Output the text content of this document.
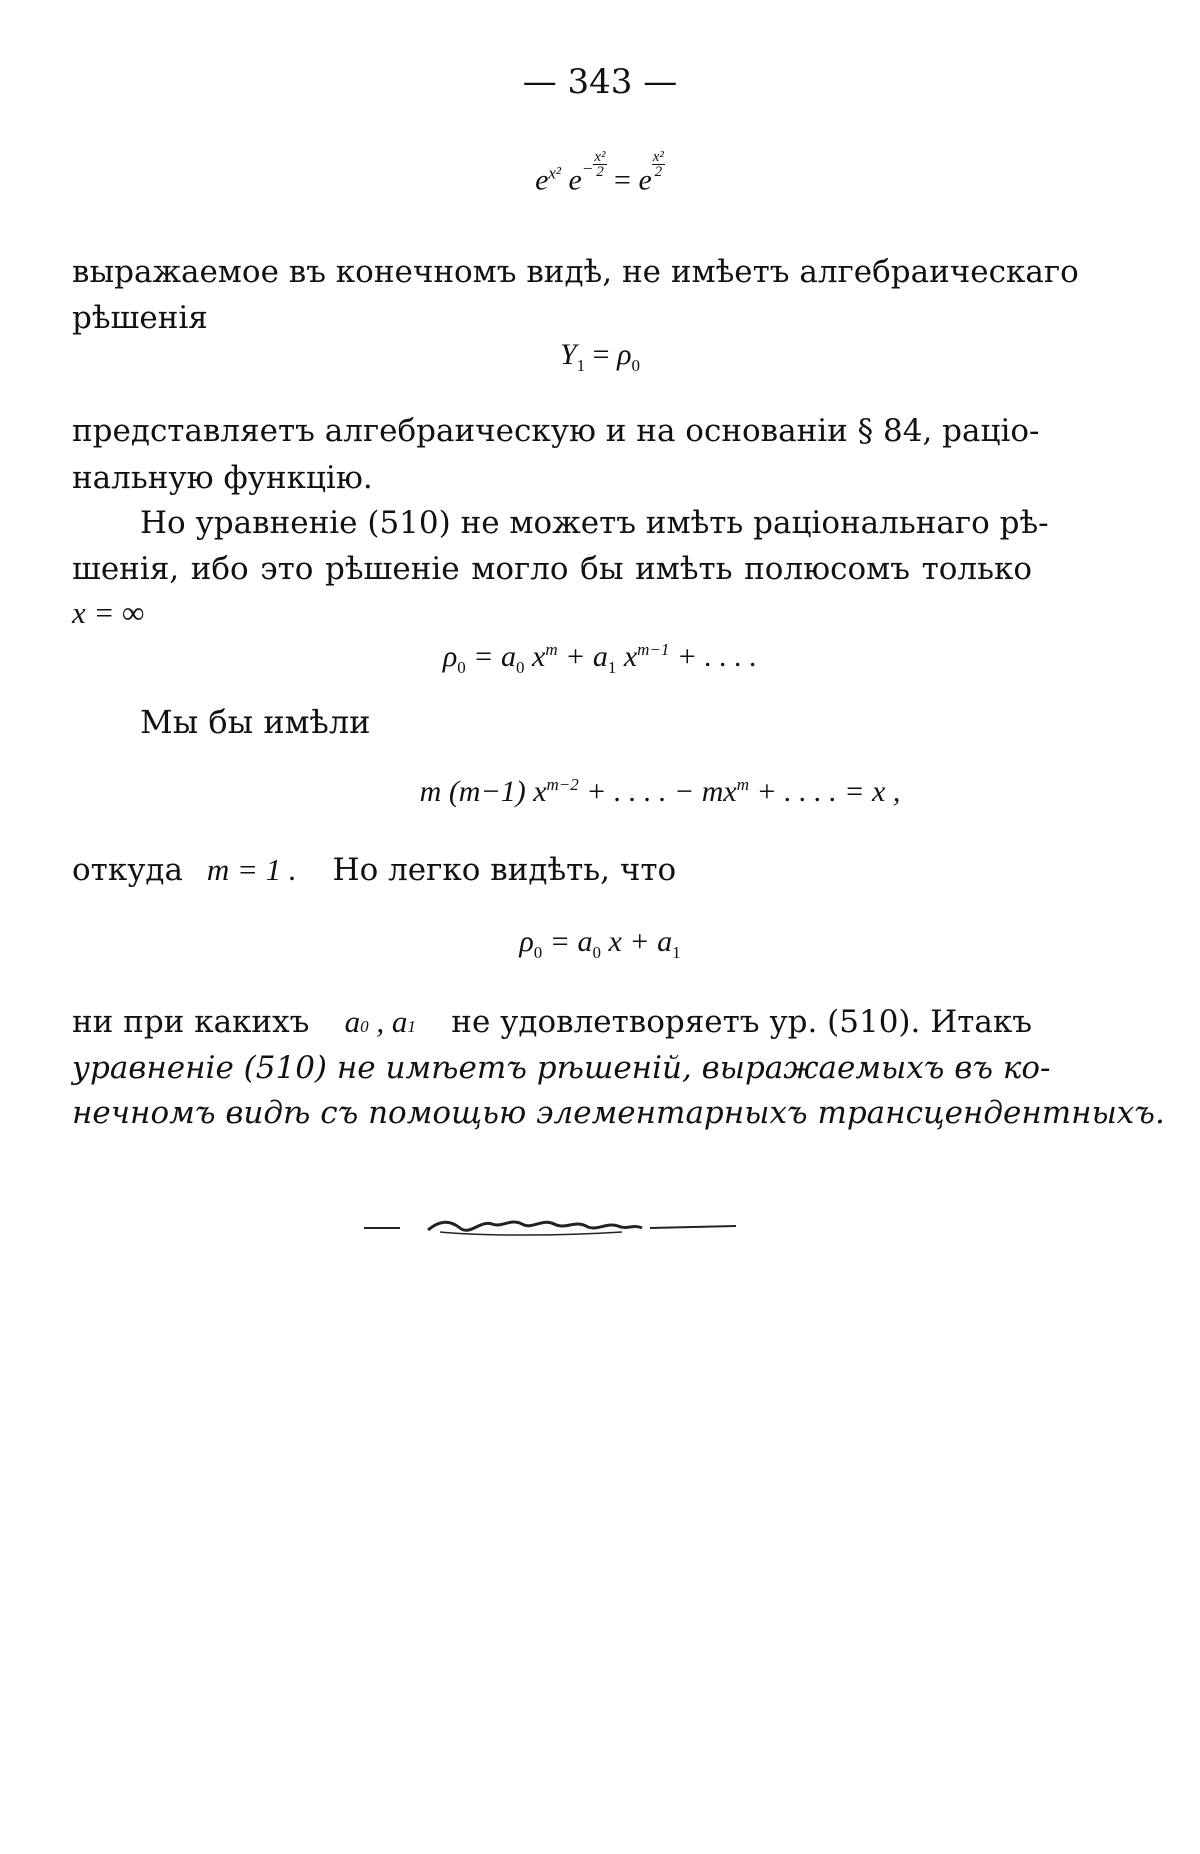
— 343 —
$e^{x^2}$ $e^- \frac{\text{x²}}{2} = e \frac{\text{x²}}{2}$
выражаемое въ конечномъ видѣ, не имѣетъ алгебраическаго
рѣшенія
$Y_1 = \rho_0$
представляетъ алгебраическую и на основаніи § 84, раціо-
нальную функцію.
Но уравненіе (510) не можетъ имѣть раціональнаго рѣ-
шенія, ибо это рѣшеніе могло бы имѣть полюсомъ только
x = ∞
$\rho_0 = a_0$ $x^m + a_1$ $x^{m-1}$ + . . . .
Мы бы имѣли
m (m−1) $x^{m-2}$ + . . . . − $mx^m$ + . . . . = x ,
откуда m = 1 . Но легко видѣть, что
$\rho_0 = a_0$ $x + a_1$
ни при какихъ a0 , a1 не удовлетворяетъ ур. (510). Итакъ
уравненіе (510) не имѣетъ рѣшеній, выражаемыхъ въ ко-
нечномъ видѣ съ помощью элементарныхъ трансцендентныхъ.
